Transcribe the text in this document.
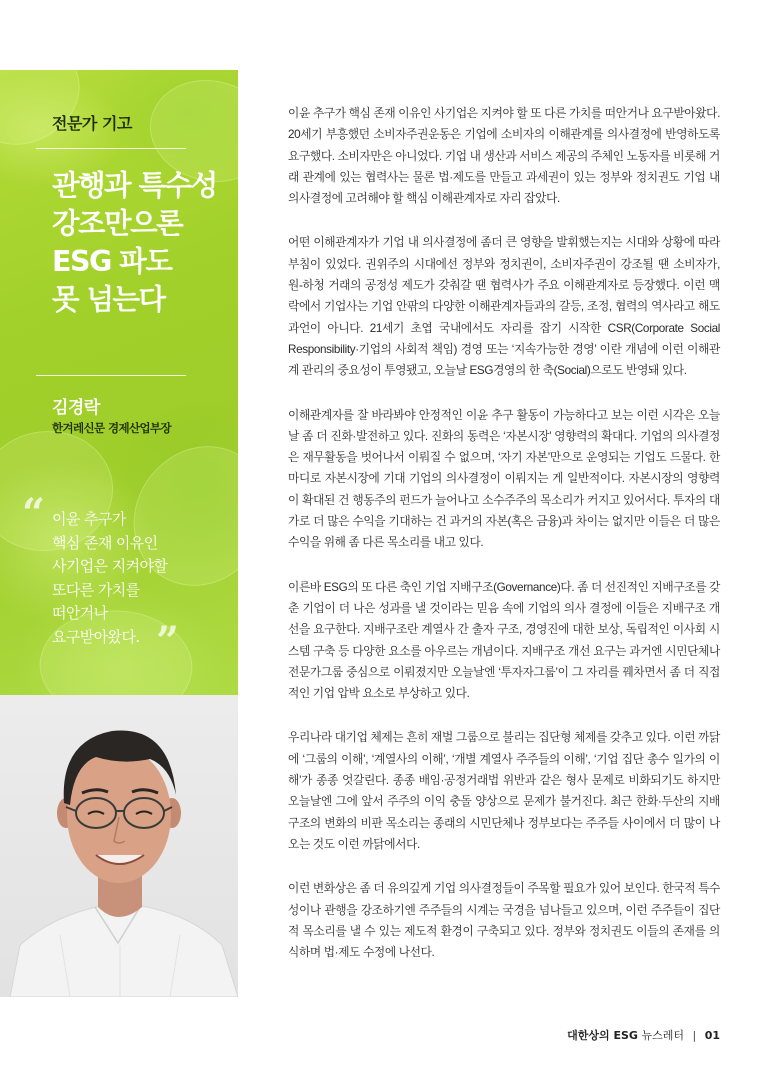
전문가 기고
관행과 특수성
강조만으론
ESG 파도
못 넘는다
김경락
한겨레신문 경제산업부장
“ 이윤 추구가
핵심 존재 이유인
사기업은 지켜야할
또다른 가치를
떠안거나
요구받아왔다. ”

이윤 추구가 핵심 존재 이유인 사기업은 지켜야 할 또 다른 가치를 떠안거나 요구받아왔다. 20세기 부흥했던 소비자주권운동은 기업에 소비자의 이해관계를 의사결정에 반영하도록 요구했다. 소비자만은 아니었다. 기업 내 생산과 서비스 제공의 주체인 노동자를 비롯해 거래 관계에 있는 협력사는 물론 법·제도를 만들고 과세권이 있는 정부와 정치권도 기업 내 의사결정에 고려해야 할 핵심 이해관계자로 자리 잡았다.

어떤 이해관계자가 기업 내 의사결정에 좀더 큰 영향을 발휘했는지는 시대와 상황에 따라 부침이 있었다. 권위주의 시대에선 정부와 정치권이, 소비자주권이 강조될 땐 소비자가, 원-하청 거래의 공정성 제도가 갖춰갈 땐 협력사가 주요 이해관계자로 등장했다. 이런 맥락에서 기업사는 기업 안팎의 다양한 이해관계자들과의 갈등, 조정, 협력의 역사라고 해도 과언이 아니다. 21세기 초엽 국내에서도 자리를 잡기 시작한 CSR(Corporate Social Responsibility·기업의 사회적 책임) 경영 또는 ‘지속가능한 경영’ 이란 개념에 이런 이해관계 관리의 중요성이 투영됐고, 오늘날 ESG경영의 한 축(Social)으로도 반영돼 있다.

이해관계자를 잘 바라봐야 안정적인 이윤 추구 활동이 가능하다고 보는 이런 시각은 오늘날 좀 더 진화·발전하고 있다. 진화의 동력은 ‘자본시장’ 영향력의 확대다. 기업의 의사결정은 재무활동을 벗어나서 이뤄질 수 없으며, ‘자기 자본’만으로 운영되는 기업도 드물다. 한마디로 자본시장에 기대 기업의 의사결정이 이뤄지는 게 일반적이다. 자본시장의 영향력이 확대된 건 행동주의 펀드가 늘어나고 소수주주의 목소리가 커지고 있어서다. 투자의 대가로 더 많은 수익을 기대하는 건 과거의 자본(혹은 금융)과 차이는 없지만 이들은 더 많은 수익을 위해 좀 다른 목소리를 내고 있다.

이른바 ESG의 또 다른 축인 기업 지배구조(Governance)다. 좀 더 선진적인 지배구조를 갖춘 기업이 더 나은 성과를 낼 것이라는 믿음 속에 기업의 의사 결정에 이들은 지배구조 개선을 요구한다. 지배구조란 계열사 간 출자 구조, 경영진에 대한 보상, 독립적인 이사회 시스템 구축 등 다양한 요소를 아우르는 개념이다. 지배구조 개선 요구는 과거엔 시민단체나 전문가그룹 중심으로 이뤄졌지만 오늘날엔 ‘투자자그룹’이 그 자리를 꿰차면서 좀 더 직접적인 기업 압박 요소로 부상하고 있다.

우리나라 대기업 체제는 흔히 재벌 그룹으로 불리는 집단형 체제를 갖추고 있다. 이런 까닭에 ‘그룹의 이해’, ‘계열사의 이해’, ‘개별 계열사 주주들의 이해’, ‘기업 집단 총수 일가의 이해’가 종종 엇갈린다. 종종 배임·공정거래법 위반과 같은 형사 문제로 비화되기도 하지만 오늘날엔 그에 앞서 주주의 이익 충돌 양상으로 문제가 불거진다. 최근 한화·두산의 지배구조의 변화의 비판 목소리는 종래의 시민단체나 정부보다는 주주들 사이에서 더 많이 나오는 것도 이런 까닭에서다.

이런 변화상은 좀 더 유의깊게 기업 의사결정들이 주목할 필요가 있어 보인다. 한국적 특수성이나 관행을 강조하기엔 주주들의 시계는 국경을 넘나들고 있으며, 이런 주주들이 집단적 목소리를 낼 수 있는 제도적 환경이 구축되고 있다. 정부와 정치권도 이들의 존재를 의식하며 법·제도 수정에 나선다.

대한상의 ESG 뉴스레터 | 01
